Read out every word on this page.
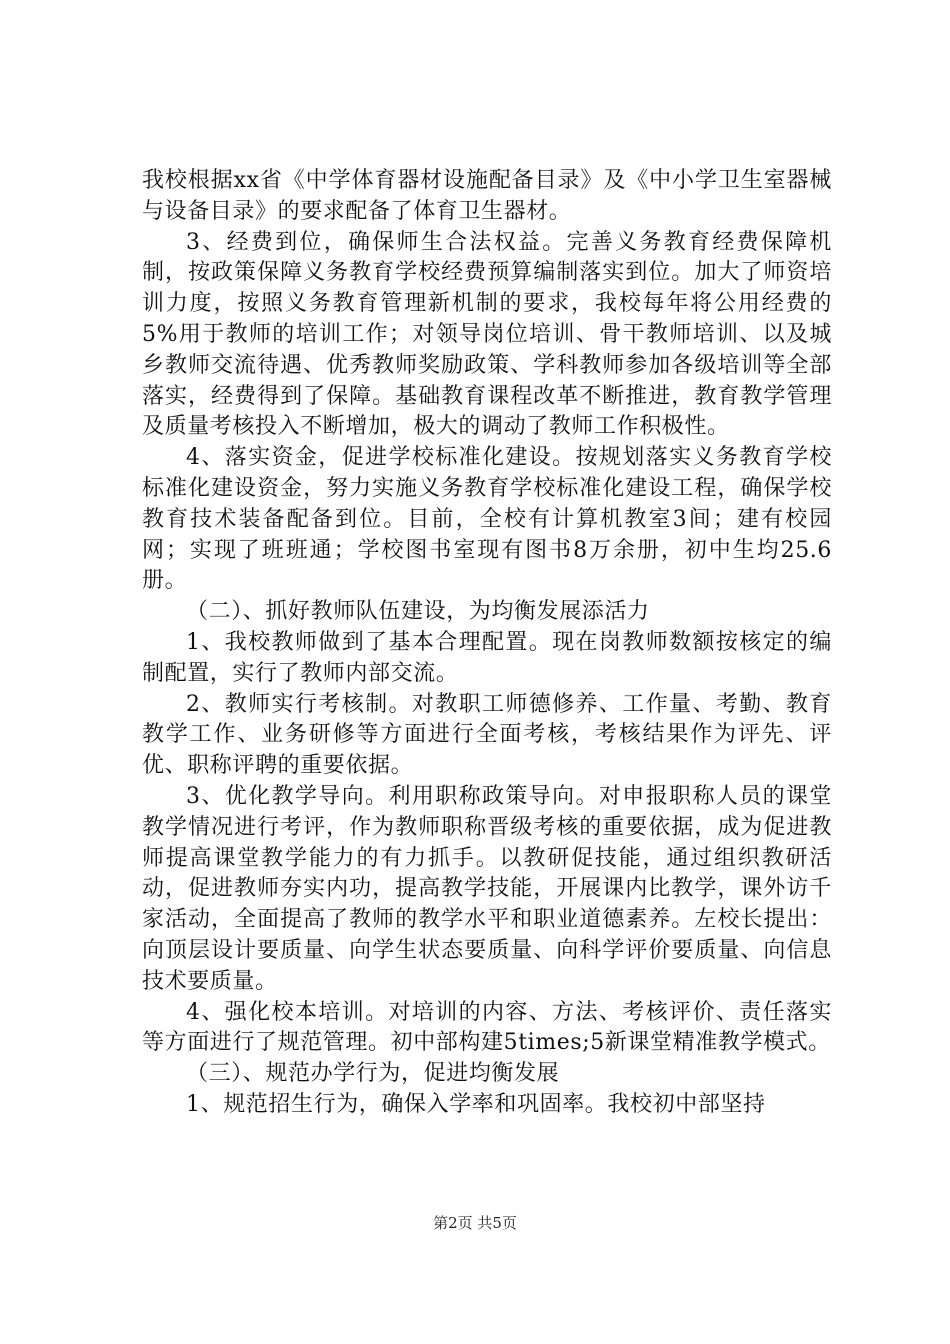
我校根据xx省《中学体育器材设施配备目录》及《中小学卫生室器械与设备目录》的要求配备了体育卫生器材。

3、经费到位，确保师生合法权益。完善义务教育经费保障机制，按政策保障义务教育学校经费预算编制落实到位。加大了师资培训力度，按照义务教育管理新机制的要求，我校每年将公用经费的5%用于教师的培训工作；对领导岗位培训、骨干教师培训、以及城乡教师交流待遇、优秀教师奖励政策、学科教师参加各级培训等全部落实，经费得到了保障。基础教育课程改革不断推进，教育教学管理及质量考核投入不断增加，极大的调动了教师工作积极性。

4、落实资金，促进学校标准化建设。按规划落实义务教育学校标准化建设资金，努力实施义务教育学校标准化建设工程，确保学校教育技术装备配备到位。目前，全校有计算机教室3间；建有校园网；实现了班班通；学校图书室现有图书8万余册，初中生均25.6册。

（二）、抓好教师队伍建设，为均衡发展添活力

1、我校教师做到了基本合理配置。现在岗教师数额按核定的编制配置，实行了教师内部交流。

2、教师实行考核制。对教职工师德修养、工作量、考勤、教育教学工作、业务研修等方面进行全面考核，考核结果作为评先、评优、职称评聘的重要依据。

3、优化教学导向。利用职称政策导向。对申报职称人员的课堂教学情况进行考评，作为教师职称晋级考核的重要依据，成为促进教师提高课堂教学能力的有力抓手。以教研促技能，通过组织教研活动，促进教师夯实内功，提高教学技能，开展课内比教学，课外访千家活动，全面提高了教师的教学水平和职业道德素养。左校长提出：向顶层设计要质量、向学生状态要质量、向科学评价要质量、向信息技术要质量。

4、强化校本培训。对培训的内容、方法、考核评价、责任落实等方面进行了规范管理。初中部构建5times;5新课堂精准教学模式。

（三）、规范办学行为，促进均衡发展

1、规范招生行为，确保入学率和巩固率。我校初中部坚持

第2页 共5页
